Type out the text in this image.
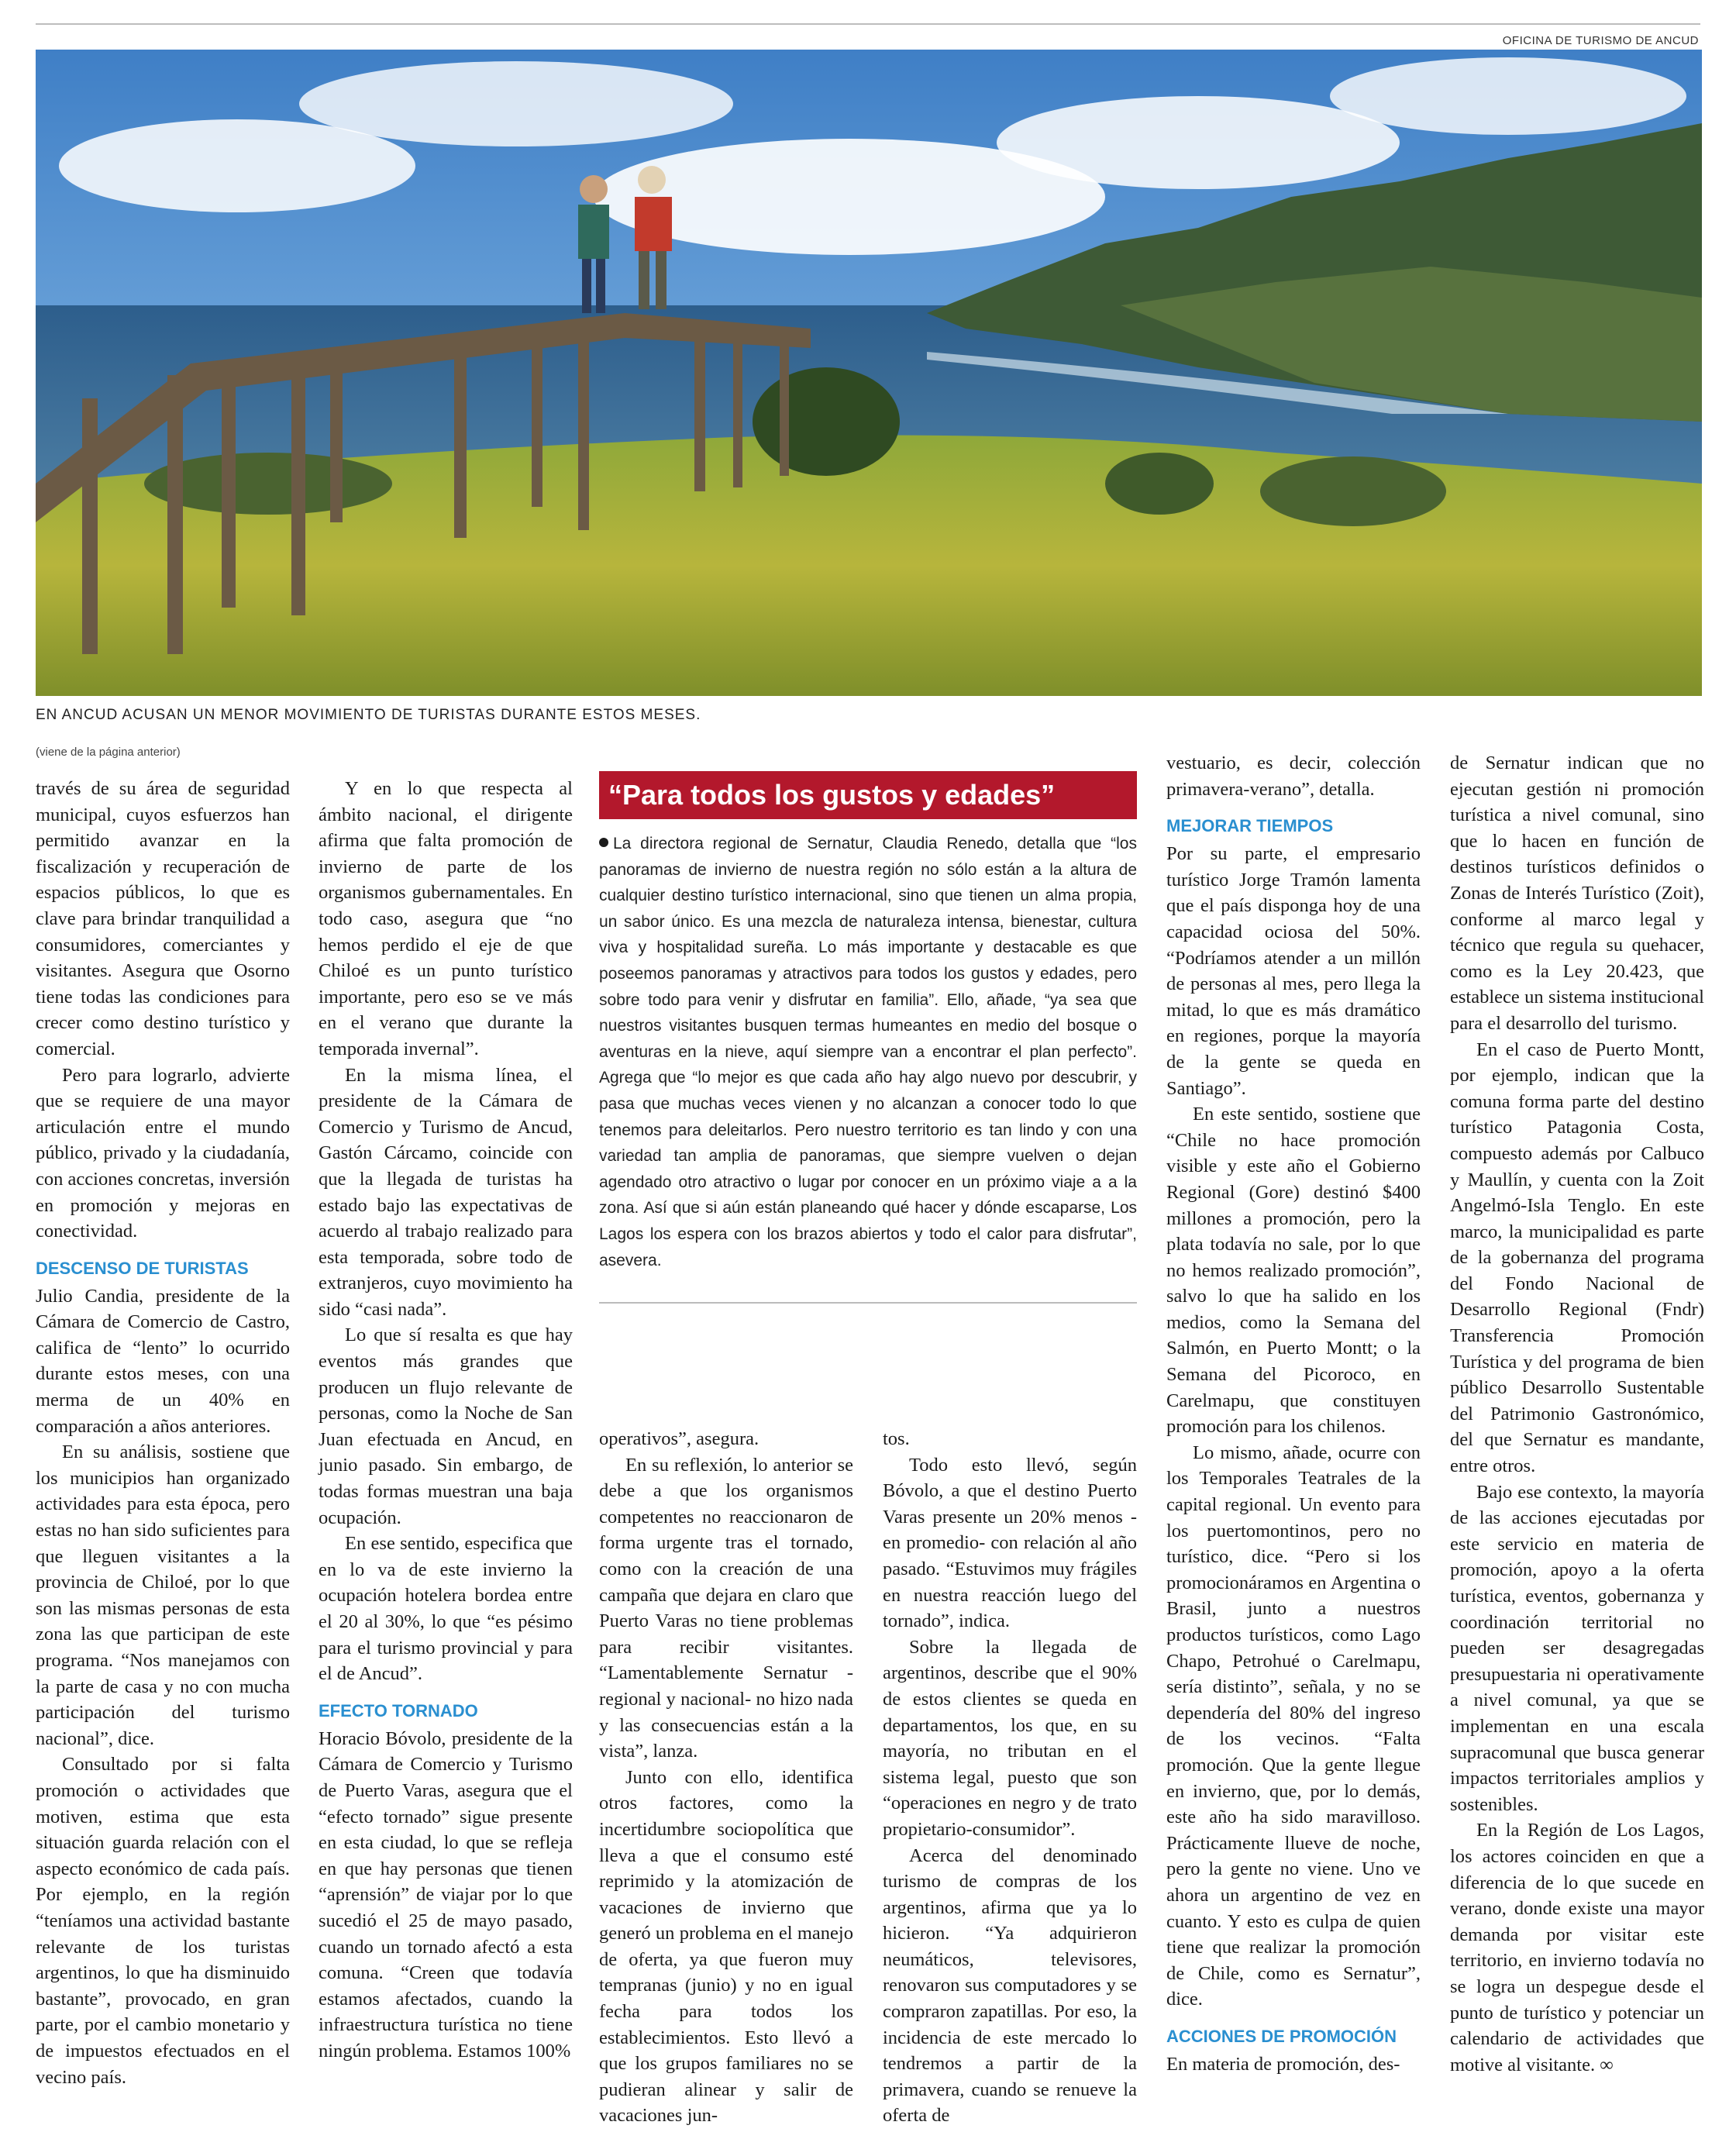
OFICINA DE TURISMO DE ANCUD
EN ANCUD ACUSAN UN MENOR MOVIMIENTO DE TURISTAS DURANTE ESTOS MESES.
(viene de la página anterior)

través de su área de seguridad municipal, cuyos esfuerzos han permitido avanzar en la fiscalización y recuperación de espacios públicos, lo que es clave para brindar tranquilidad a consumidores, comerciantes y visitantes. Asegura que Osorno tiene todas las condiciones para crecer como destino turístico y comercial.

Pero para lograrlo, advierte que se requiere de una mayor articulación entre el mundo público, privado y la ciudadanía, con acciones concretas, inversión en promoción y mejoras en conectividad.

DESCENSO DE TURISTAS

Julio Candia, presidente de la Cámara de Comercio de Castro, califica de “lento” lo ocurrido durante estos meses, con una merma de un 40% en comparación a años anteriores.

En su análisis, sostiene que los municipios han organizado actividades para esta época, pero estas no han sido suficientes para que lleguen visitantes a la provincia de Chiloé, por lo que son las mismas personas de esta zona las que participan de este programa. “Nos manejamos con la parte de casa y no con mucha participación del turismo nacional”, dice.

Consultado por si falta promoción o actividades que motiven, estima que esta situación guarda relación con el aspecto económico de cada país. Por ejemplo, en la región “teníamos una actividad bastante relevante de los turistas argentinos, lo que ha disminuido bastante”, provocado, en gran parte, por el cambio monetario y de impuestos efectuados en el vecino país.

Y en lo que respecta al ámbito nacional, el dirigente afirma que falta promoción de invierno de parte de los organismos gubernamentales. En todo caso, asegura que “no hemos perdido el eje de que Chiloé es un punto turístico importante, pero eso se ve más en el verano que durante la temporada invernal”.

En la misma línea, el presidente de la Cámara de Comercio y Turismo de Ancud, Gastón Cárcamo, coincide con que la llegada de turistas ha estado bajo las expectativas de acuerdo al trabajo realizado para esta temporada, sobre todo de extranjeros, cuyo movimiento ha sido “casi nada”.

Lo que sí resalta es que hay eventos más grandes que producen un flujo relevante de personas, como la Noche de San Juan efectuada en Ancud, en junio pasado. Sin embargo, de todas formas muestran una baja ocupación.

En ese sentido, especifica que en lo va de este invierno la ocupación hotelera bordea entre el 20 al 30%, lo que “es pésimo para el turismo provincial y para el de Ancud”.

EFECTO TORNADO

Horacio Bóvolo, presidente de la Cámara de Comercio y Turismo de Puerto Varas, asegura que el “efecto tornado” sigue presente en esta ciudad, lo que se refleja en que hay personas que tienen “aprensión” de viajar por lo que sucedió el 25 de mayo pasado, cuando un tornado afectó a esta comuna. “Creen que todavía estamos afectados, cuando la infraestructura turística no tiene ningún problema. Estamos 100%

“Para todos los gustos y edades”
La directora regional de Sernatur, Claudia Renedo, detalla que “los panoramas de invierno de nuestra región no sólo están a la altura de cualquier destino turístico internacional, sino que tienen un alma propia, un sabor único. Es una mezcla de naturaleza intensa, bienestar, cultura viva y hospitalidad sureña. Lo más importante y destacable es que poseemos panoramas y atractivos para todos los gustos y edades, pero sobre todo para venir y disfrutar en familia”. Ello, añade, “ya sea que nuestros visitantes busquen termas humeantes en medio del bosque o aventuras en la nieve, aquí siempre van a encontrar el plan perfecto”. Agrega que “lo mejor es que cada año hay algo nuevo por descubrir, y pasa que muchas veces vienen y no alcanzan a conocer todo lo que tenemos para deleitarlos. Pero nuestro territorio es tan lindo y con una variedad tan amplia de panoramas, que siempre vuelven o dejan agendado otro atractivo o lugar por conocer en un próximo viaje a a la zona. Así que si aún están planeando qué hacer y dónde escaparse, Los Lagos los espera con los brazos abiertos y todo el calor para disfrutar”, asevera.

operativos”, asegura.

En su reflexión, lo anterior se debe a que los organismos competentes no reaccionaron de forma urgente tras el tornado, como con la creación de una campaña que dejara en claro que Puerto Varas no tiene problemas para recibir visitantes. “Lamentablemente Sernatur -regional y nacional- no hizo nada y las consecuencias están a la vista”, lanza.

Junto con ello, identifica otros factores, como la incertidumbre sociopolítica que lleva a que el consumo esté reprimido y la atomización de vacaciones de invierno que generó un problema en el manejo de oferta, ya que fueron muy tempranas (junio) y no en igual fecha para todos los establecimientos. Esto llevó a que los grupos familiares no se pudieran alinear y salir de vacaciones jun-

tos.

Todo esto llevó, según Bóvolo, a que el destino Puerto Varas presente un 20% menos -en promedio- con relación al año pasado. “Estuvimos muy frágiles en nuestra reacción luego del tornado”, indica.

Sobre la llegada de argentinos, describe que el 90% de estos clientes se queda en departamentos, los que, en su mayoría, no tributan en el sistema legal, puesto que son “operaciones en negro y de trato propietario-consumidor”.

Acerca del denominado turismo de compras de los argentinos, afirma que ya lo hicieron. “Ya adquirieron neumáticos, televisores, renovaron sus computadores y se compraron zapatillas. Por eso, la incidencia de este mercado lo tendremos a partir de la primavera, cuando se renueve la oferta de

vestuario, es decir, colección primavera-verano”, detalla.

MEJORAR TIEMPOS

Por su parte, el empresario turístico Jorge Tramón lamenta que el país disponga hoy de una capacidad ociosa del 50%. “Podríamos atender a un millón de personas al mes, pero llega la mitad, lo que es más dramático en regiones, porque la mayoría de la gente se queda en Santiago”.

En este sentido, sostiene que “Chile no hace promoción visible y este año el Gobierno Regional (Gore) destinó $400 millones a promoción, pero la plata todavía no sale, por lo que no hemos realizado promoción”, salvo lo que ha salido en los medios, como la Semana del Salmón, en Puerto Montt; o la Semana del Picoroco, en Carelmapu, que constituyen promoción para los chilenos.

Lo mismo, añade, ocurre con los Temporales Teatrales de la capital regional. Un evento para los puertomontinos, pero no turístico, dice. “Pero si los promocionáramos en Argentina o Brasil, junto a nuestros productos turísticos, como Lago Chapo, Petrohué o Carelmapu, sería distinto”, señala, y no se dependería del 80% del ingreso de los vecinos. “Falta promoción. Que la gente llegue en invierno, que, por lo demás, este año ha sido maravilloso. Prácticamente llueve de noche, pero la gente no viene. Uno ve ahora un argentino de vez en cuanto. Y esto es culpa de quien tiene que realizar la promoción de Chile, como es Sernatur”, dice.

ACCIONES DE PROMOCIÓN

En materia de promoción, des-

de Sernatur indican que no ejecutan gestión ni promoción turística a nivel comunal, sino que lo hacen en función de destinos turísticos definidos o Zonas de Interés Turístico (Zoit), conforme al marco legal y técnico que regula su quehacer, como es la Ley 20.423, que establece un sistema institucional para el desarrollo del turismo.

En el caso de Puerto Montt, por ejemplo, indican que la comuna forma parte del destino turístico Patagonia Costa, compuesto además por Calbuco y Maullín, y cuenta con la Zoit Angelmó-Isla Tenglo. En este marco, la municipalidad es parte de la gobernanza del programa del Fondo Nacional de Desarrollo Regional (Fndr) Transferencia Promoción Turística y del programa de bien público Desarrollo Sustentable del Patrimonio Gastronómico, del que Sernatur es mandante, entre otros.

Bajo ese contexto, la mayoría de las acciones ejecutadas por este servicio en materia de promoción, apoyo a la oferta turística, eventos, gobernanza y coordinación territorial no pueden ser desagregadas presupuestaria ni operativamente a nivel comunal, ya que se implementan en una escala supracomunal que busca generar impactos territoriales amplios y sostenibles.

En la Región de Los Lagos, los actores coinciden en que a diferencia de lo que sucede en verano, donde existe una mayor demanda por visitar este territorio, en invierno todavía no se logra un despegue desde el punto de turístico y potenciar un calendario de actividades que motive al visitante. ∞
